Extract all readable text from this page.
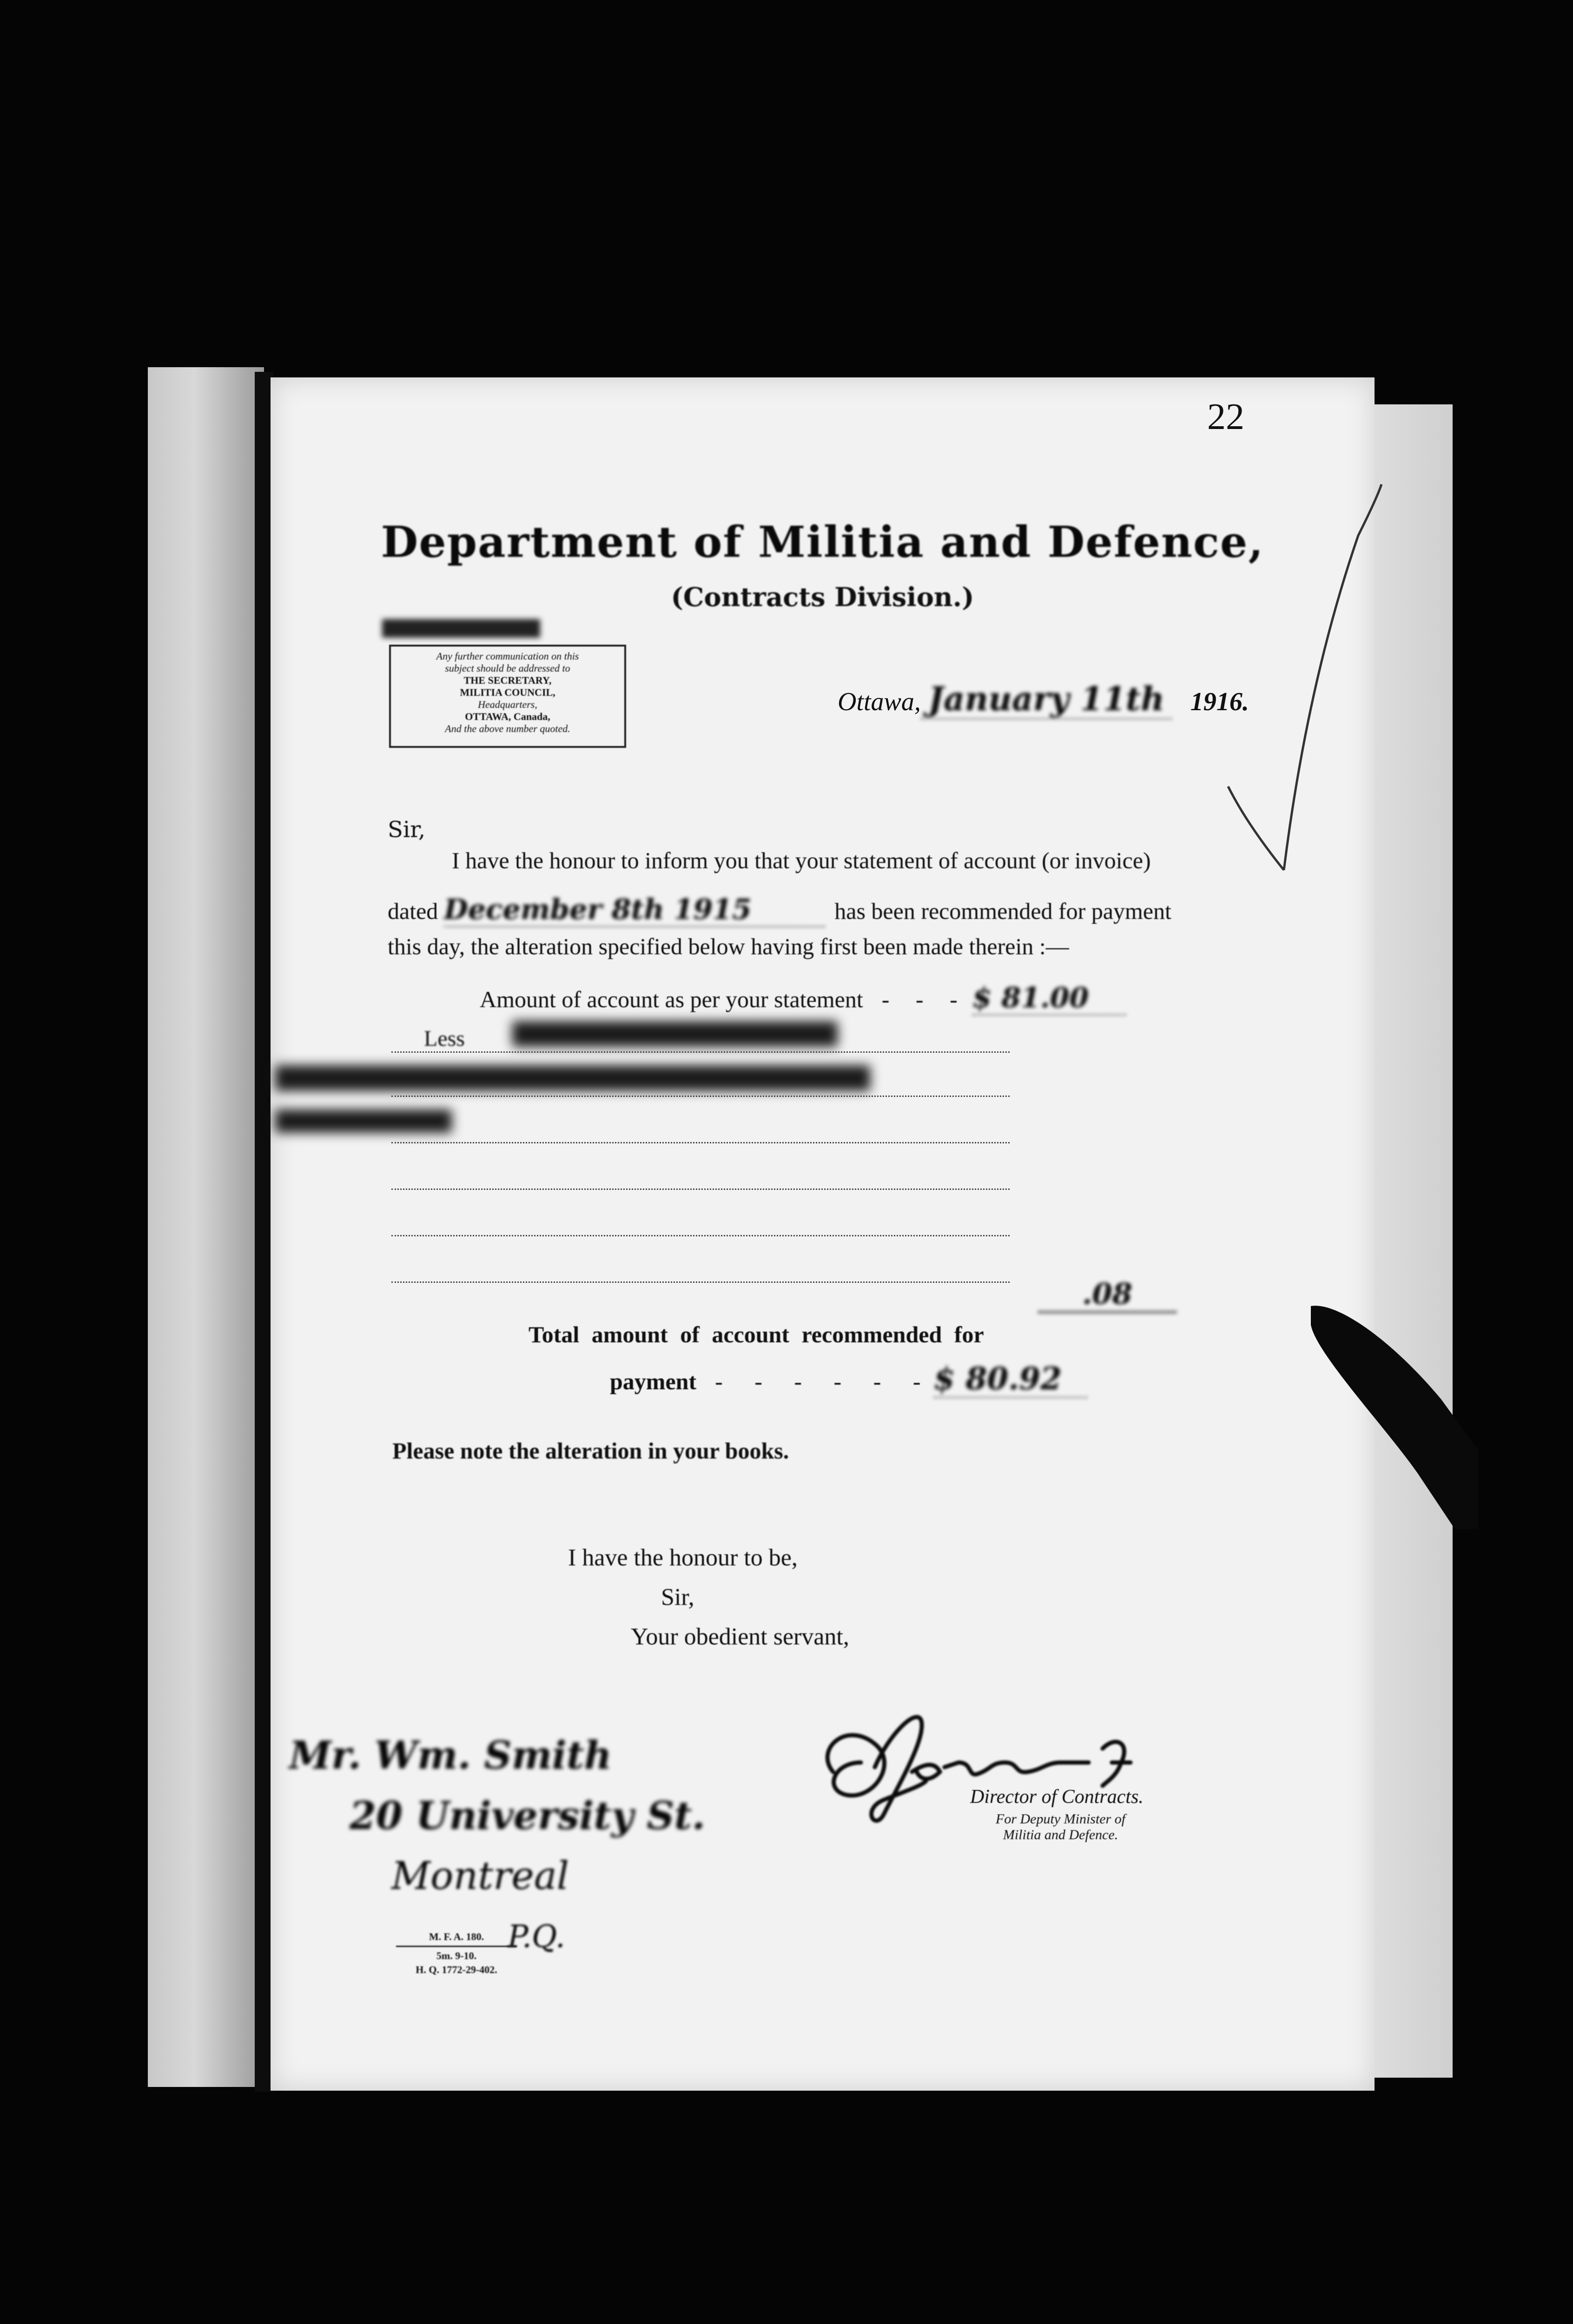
22
Department of Militia and Defence,
(Contracts Division.)
Any further communication on this
subject should be addressed to
THE SECRETARY,
MILITIA COUNCIL,
Headquarters,
OTTAWA, Canada,
And the above number quoted.
Ottawa, January 11th 1916.
Sir,
I have the honour to inform you that your statement of account (or invoice)
dated December 8th 1915	has been recommended for payment
this day, the alteration specified below having first been made therein :—
Amount of account as per your statement - - - $ 81.00
Less
.08
Total amount of account recommended for
payment - - - - - - $ 80.92
Please note the alteration in your books.
I have the honour to be,
Sir,
Your obedient servant,
Mr. Wm. Smith
20 University St.
Montreal
P.Q.
Director of Contracts.
For Deputy Minister of
Militia and Defence.
M. F. A. 180.
5m. 9-10.
H. Q. 1772-29-402.
